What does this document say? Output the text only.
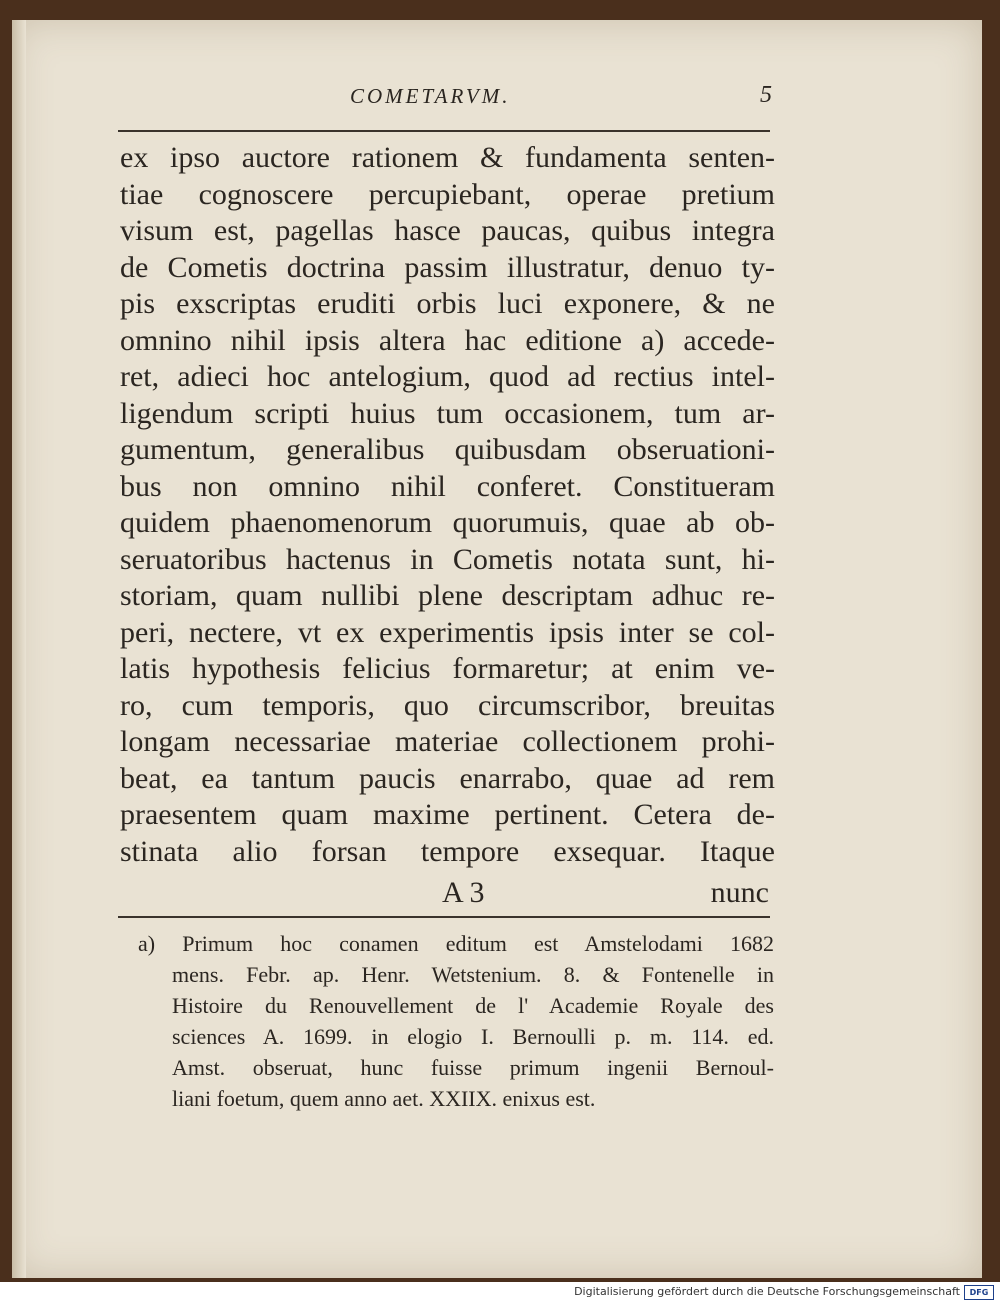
COMETARVM.	5
ex ipso auctore rationem & fundamenta senten-
tiae cognoscere percupiebant, operae pretium
visum est, pagellas hasce paucas, quibus integra
de Cometis doctrina passim illustratur, denuo ty-
pis exscriptas eruditi orbis luci exponere, & ne
omnino nihil ipsis altera hac editione a) accede-
ret, adieci hoc antelogium, quod ad rectius intel-
ligendum scripti huius tum occasionem, tum ar-
gumentum, generalibus quibusdam obseruationi-
bus non omnino nihil conferet. Constitueram
quidem phaenomenorum quorumuis, quae ab ob-
seruatoribus hactenus in Cometis notata sunt, hi-
storiam, quam nullibi plene descriptam adhuc re-
peri, nectere, vt ex experimentis ipsis inter se col-
latis hypothesis felicius formaretur; at enim ve-
ro, cum temporis, quo circumscribor, breuitas
longam necessariae materiae collectionem prohi-
beat, ea tantum paucis enarrabo, quae ad rem
praesentem quam maxime pertinent. Cetera de-
stinata alio forsan tempore exsequar. Itaque
A 3	nunc
a) Primum hoc conamen editum est Amstelodami 1682
mens. Febr. ap. Henr. Wetstenium. 8. & Fontenelle in
Histoire du Renouvellement de l' Academie Royale des
sciences A. 1699. in elogio I. Bernoulli p. m. 114. ed.
Amst. obseruat, hunc fuisse primum ingenii Bernoul-
liani foetum, quem anno aet. XXIIX. enixus est.
Digitalisierung gefördert durch die Deutsche Forschungsgemeinschaft	DFG
